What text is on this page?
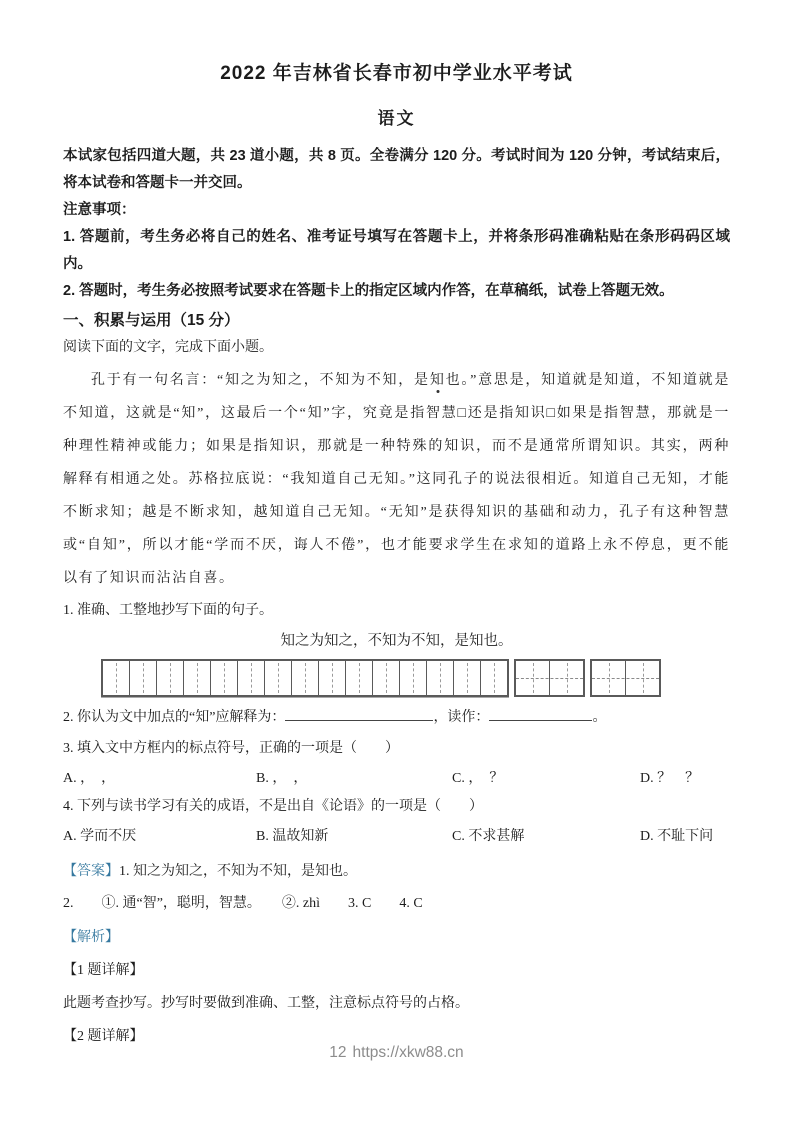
2022 年吉林省长春市初中学业水平考试
语文

本试家包括四道大题，共 23 道小题，共 8 页。全卷满分 120 分。考试时间为 120 分钟，考试结束后，将本试卷和答题卡一并交回。

注意事项：

1. 答题前，考生务必将自己的姓名、准考证号填写在答题卡上，并将条形码准确粘贴在条形码码区域内。

2. 答题时，考生务必按照考试要求在答题卡上的指定区域内作答，在草稿纸，试卷上答题无效。

一、积累与运用（15 分）

阅读下面的文字，完成下面小题。

孔于有一句名言：“知之为知之，不知为不知，是知也。”意思是，知道就是知道，不知道就是不知道，这就是“知”，这最后一个“知”字，究竟是指智慧□还是指知识□如果是指智慧，那就是一种理性精神或能力；如果是指知识，那就是一种特殊的知识，而不是通常所谓知识。其实，两种解释有相通之处。苏格拉底说：“我知道自己无知。”这同孔子的说法很相近。知道自己无知，才能不断求知；越是不断求知，越知道自己无知。“无知”是获得知识的基础和动力，孔子有这种智慧或“自知”，所以才能“学而不厌，诲人不倦”，也才能要求学生在求知的道路上永不停息，更不能以有了知识而沾沾自喜。

1. 准确、工整地抄写下面的句子。

知之为知之，不知为不知，是知也。

2. 你认为文中加点的“知”应解释为：	，读作：	。

3. 填入文中方框内的标点符号，正确的一项是（　　）

A. ，　，	B. ，　，	C. ，　？	D. ？　？

4. 下列与读书学习有关的成语，不是出自《论语》的一项是（　　）

A. 学而不厌	B. 温故知新	C. 不求甚解	D. 不耻下问

【答案】1. 知之为知之，不知为不知，是知也。

2.　　①. 通“智”，聪明，智慧。　　②. zhì　　3. C　　4. C

【解析】

【1 题详解】

此题考查抄写。抄写时要做到准确、工整，注意标点符号的占格。

【2 题详解】

12 https://xkw88.cn
